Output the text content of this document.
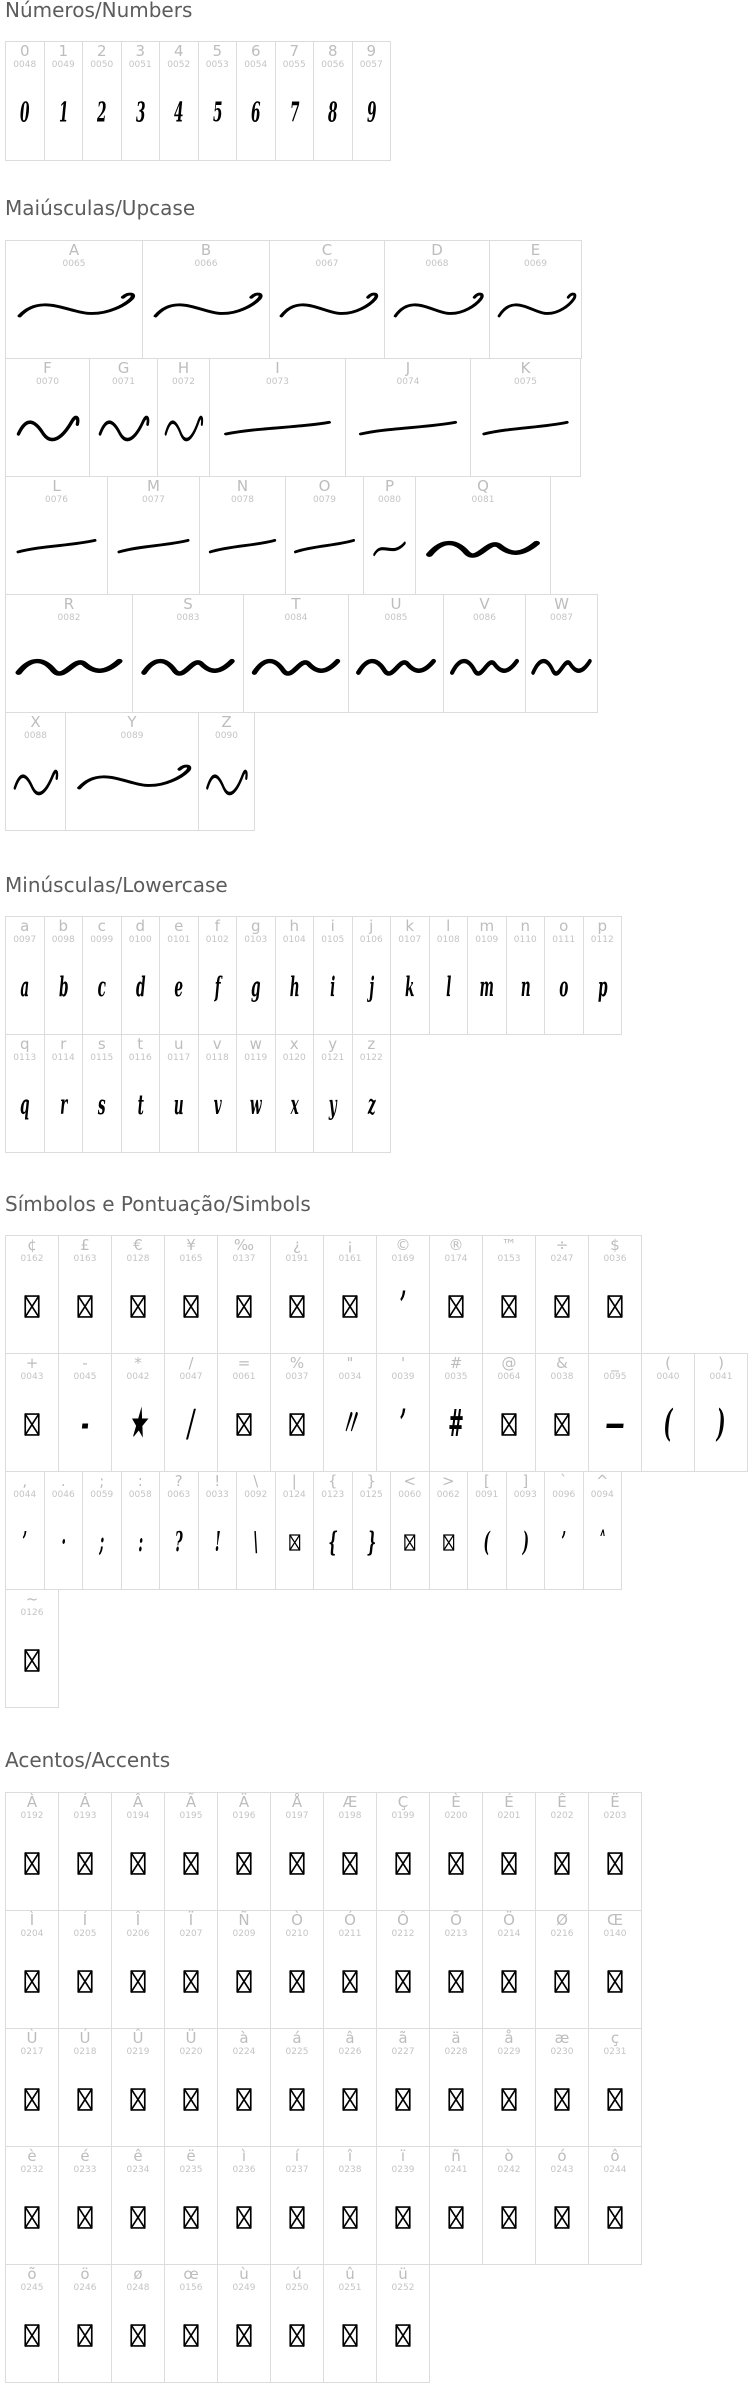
Números/Numbers
0
0048
0
1
0049
1
2
0050
2
3
0051
3
4
0052
4
5
0053
5
6
0054
6
7
0055
7
8
0056
8
9
0057
9
Maiúsculas/Upcase
A
0065
B
0066
C
0067
D
0068
E
0069
F
0070
G
0071
H
0072
I
0073
J
0074
K
0075
L
0076
M
0077
N
0078
O
0079
P
0080
Q
0081
R
0082
S
0083
T
0084
U
0085
V
0086
W
0087
X
0088
Y
0089
Z
0090
Minúsculas/Lowercase
a
0097
a
b
0098
b
c
0099
c
d
0100
d
e
0101
e
f
0102
f
g
0103
g
h
0104
h
i
0105
i
j
0106
j
k
0107
k
l
0108
l
m
0109
m
n
0110
n
o
0111
o
p
0112
p
q
0113
q
r
0114
r
s
0115
s
t
0116
t
u
0117
u
v
0118
v
w
0119
w
x
0120
x
y
0121
y
z
0122
z
Símbolos e Pontuação/Simbols
¢
0162
£
0163
€
0128
¥
0165
‰
0137
¿
0191
¡
0161
©
0169
’
®
0174
™
0153
÷
0247
$
0036
+
0043
-
0045
-
*
0042
★
/
0047
/
=
0061
%
0037
"
0034
〃
'
0039
’
#
0035
#
@
0064
&
0038
_
0095
—
(
0040
(
)
0041
)
,
0044
’
.
0046
·
;
0059
;
:
0058
:
?
0063
?
!
0033
!
\
0092
\
|
0124
{
0123
{
}
0125
}
<
0060
>
0062
[
0091
(
]
0093
)
`
0096
’
^
0094
˄
~
0126
Acentos/Accents
À
0192
Á
0193
Â
0194
Ã
0195
Ä
0196
Å
0197
Æ
0198
Ç
0199
È
0200
É
0201
Ê
0202
Ë
0203
Ì
0204
Í
0205
Î
0206
Ï
0207
Ñ
0209
Ò
0210
Ó
0211
Ô
0212
Õ
0213
Ö
0214
Ø
0216
Œ
0140
Ù
0217
Ú
0218
Û
0219
Ü
0220
à
0224
á
0225
â
0226
ã
0227
ä
0228
å
0229
æ
0230
ç
0231
è
0232
é
0233
ê
0234
ë
0235
ì
0236
í
0237
î
0238
ï
0239
ñ
0241
ò
0242
ó
0243
ô
0244
õ
0245
ö
0246
ø
0248
œ
0156
ù
0249
ú
0250
û
0251
ü
0252
